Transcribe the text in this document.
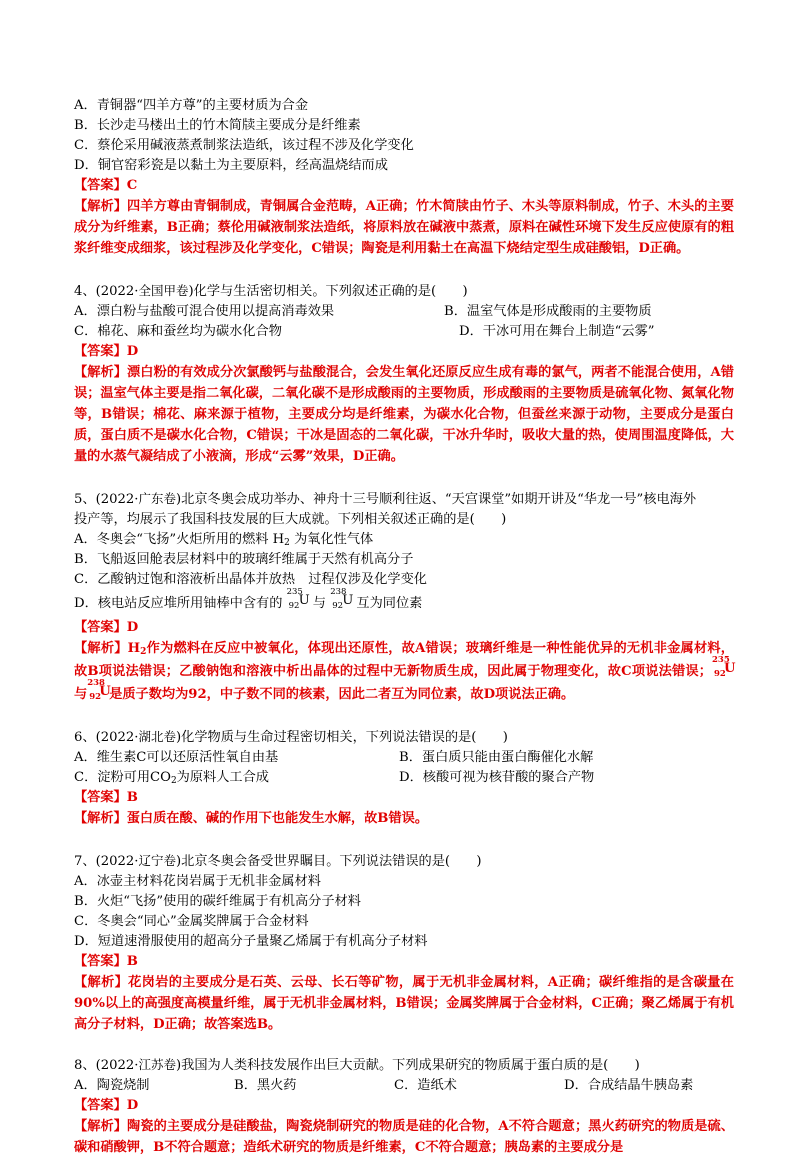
A．青铜器“四羊方尊”的主要材质为合金
B．长沙走马楼出土的竹木简牍主要成分是纤维素
C．蔡伦采用碱液蒸煮制浆法造纸，该过程不涉及化学变化
D．铜官窑彩瓷是以黏土为主要原料，经高温烧结而成
【答案】C
【解析】四羊方尊由青铜制成，青铜属合金范畴，A正确；竹木简牍由竹子、木头等原料制成，竹子、木头的主要成分为纤维素，B正确；蔡伦用碱液制浆法造纸，将原料放在碱液中蒸煮，原料在碱性环境下发生反应使原有的粗浆纤维变成细浆，该过程涉及化学变化，C错误；陶瓷是利用黏土在高温下烧结定型生成硅酸铝，D正确。
4、(2022·全国甲卷)化学与生活密切相关。下列叙述正确的是(　　)
A．漂白粉与盐酸可混合使用以提高消毒效果	B．温室气体是形成酸雨的主要物质
C．棉花、麻和蚕丝均为碳水化合物	D．干冰可用在舞台上制造“云雾”
【答案】D
【解析】漂白粉的有效成分次氯酸钙与盐酸混合，会发生氧化还原反应生成有毒的氯气，两者不能混合使用，A错误；温室气体主要是指二氧化碳，二氧化碳不是形成酸雨的主要物质，形成酸雨的主要物质是硫氧化物、氮氧化物等，B错误；棉花、麻来源于植物，主要成分均是纤维素，为碳水化合物，但蚕丝来源于动物，主要成分是蛋白质，蛋白质不是碳水化合物，C错误；干冰是固态的二氧化碳，干冰升华时，吸收大量的热，使周围温度降低，大量的水蒸气凝结成了小液滴，形成“云雾”效果，D正确。
5、(2022·广东卷)北京冬奥会成功举办、神舟十三号顺利往返、“天宫课堂”如期开讲及“华龙一号”核电海外
投产等，均展示了我国科技发展的巨大成就。下列相关叙述正确的是(　　)
A．冬奥会“飞扬”火炬所用的燃料 $H_2$ 为氧化性气体
B．飞船返回舱表层材料中的玻璃纤维属于天然有机高分子
C．乙酸钠过饱和溶液析出晶体并放热　过程仅涉及化学变化
D．核电站反应堆所用铀棒中含有的
235
92 U 与
238
92 U 互为同位素
【答案】D
【解析】$H_2$作为燃料在反应中被氧化，体现出还原性，故A错误；玻璃纤维是一种性能优异的无机非金属材料，故B项说法错误；乙酸钠饱和溶液中析出晶体的过程中无新物质生成，因此属于物理变化，故C项说法错误；
235
92
U
与
238
92
U
是质子数均为92，中子数不同的核素，因此二者互为同位素，故D项说法正确。
6、(2022·湖北卷)化学物质与生命过程密切相关，下列说法错误的是(　　)
A．维生素C可以还原活性氧自由基	B．蛋白质只能由蛋白酶催化水解
C．淀粉可用$CO_2$为原料人工合成	D．核酸可视为核苷酸的聚合产物
【答案】B
【解析】蛋白质在酸、碱的作用下也能发生水解，故B错误。
7、(2022·辽宁卷)北京冬奥会备受世界瞩目。下列说法错误的是(　　)
A．冰壶主材料花岗岩属于无机非金属材料
B．火炬“飞扬”使用的碳纤维属于有机高分子材料
C．冬奥会“同心”金属奖牌属于合金材料
D．短道速滑服使用的超高分子量聚乙烯属于有机高分子材料
【答案】B
【解析】花岗岩的主要成分是石英、云母、长石等矿物，属于无机非金属材料，A正确；碳纤维指的是含碳量在90%以上的高强度高模量纤维，属于无机非金属材料，B错误；金属奖牌属于合金材料，C正确；聚乙烯属于有机高分子材料，D正确；故答案选B。
8、(2022·江苏卷)我国为人类科技发展作出巨大贡献。下列成果研究的物质属于蛋白质的是(　　)
A．陶瓷烧制	B．黑火药	C．造纸术	D．合成结晶牛胰岛素
【答案】D
【解析】陶瓷的主要成分是硅酸盐，陶瓷烧制研究的物质是硅的化合物，A不符合题意；黑火药研究的物质是硫、碳和硝酸钾，B不符合题意；造纸术研究的物质是纤维素，C不符合题意；胰岛素的主要成分是
